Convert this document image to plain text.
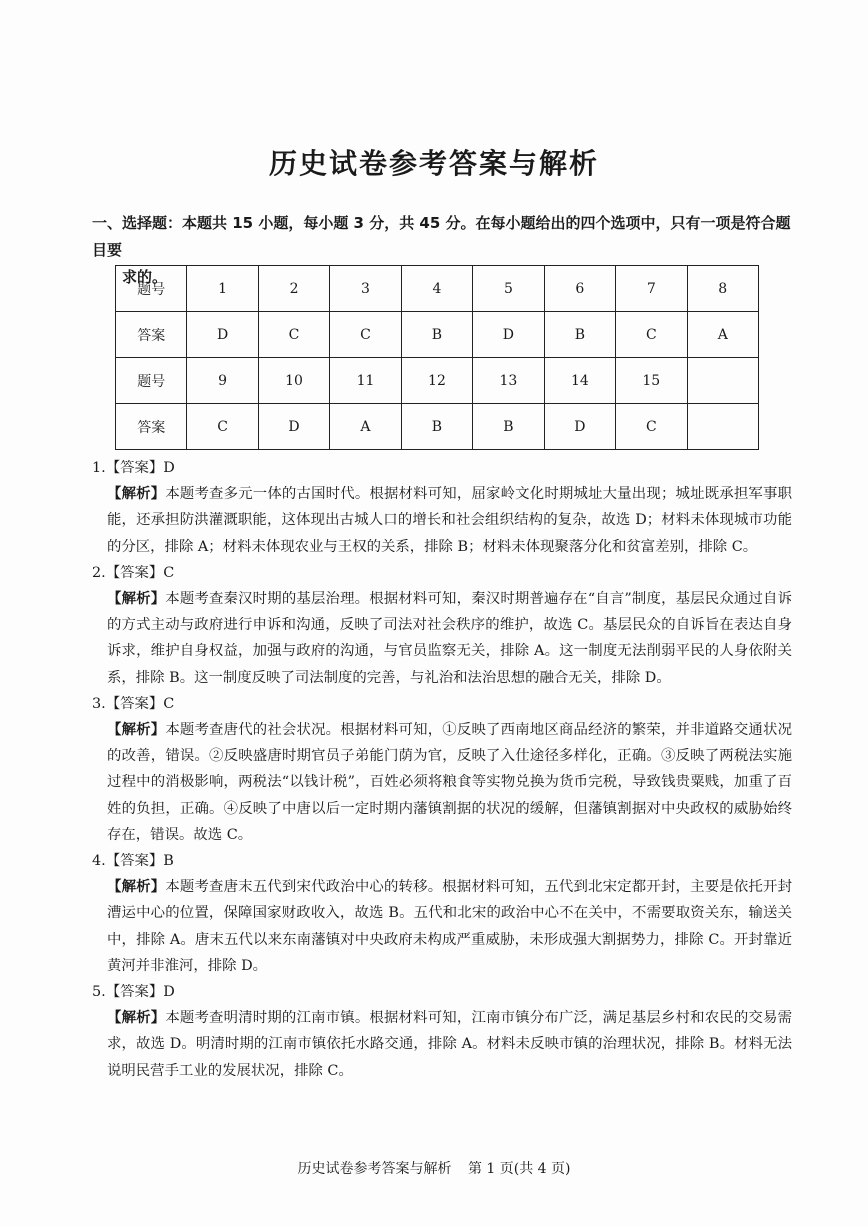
历史试卷参考答案与解析
一、选择题：本题共 15 小题，每小题 3 分，共 45 分。在每小题给出的四个选项中，只有一项是符合题目要
求的。
题号	1	2	3	4	5	6	7	8
答案	D	C	C	B	D	B	C	A
题号	9	10	11	12	13	14	15	
答案	C	D	A	B	B	D	C	

1.【答案】D

【解析】本题考查多元一体的古国时代。根据材料可知，屈家岭文化时期城址大量出现；城址既承担军事职能，还承担防洪灌溉职能，这体现出古城人口的增长和社会组织结构的复杂，故选 D；材料未体现城市功能的分区，排除 A；材料未体现农业与王权的关系，排除 B；材料未体现聚落分化和贫富差别，排除 C。

2.【答案】C

【解析】本题考查秦汉时期的基层治理。根据材料可知，秦汉时期普遍存在“自言”制度，基层民众通过自诉的方式主动与政府进行申诉和沟通，反映了司法对社会秩序的维护，故选 C。基层民众的自诉旨在表达自身诉求，维护自身权益，加强与政府的沟通，与官员监察无关，排除 A。这一制度无法削弱平民的人身依附关系，排除 B。这一制度反映了司法制度的完善，与礼治和法治思想的融合无关，排除 D。

3.【答案】C

【解析】本题考查唐代的社会状况。根据材料可知，①反映了西南地区商品经济的繁荣，并非道路交通状况的改善，错误。②反映盛唐时期官员子弟能门荫为官，反映了入仕途径多样化，正确。③反映了两税法实施过程中的消极影响，两税法“以钱计税”，百姓必须将粮食等实物兑换为货币完税，导致钱贵粟贱，加重了百姓的负担，正确。④反映了中唐以后一定时期内藩镇割据的状况的缓解，但藩镇割据对中央政权的威胁始终存在，错误。故选 C。

4.【答案】B

【解析】本题考查唐末五代到宋代政治中心的转移。根据材料可知，五代到北宋定都开封，主要是依托开封漕运中心的位置，保障国家财政收入，故选 B。五代和北宋的政治中心不在关中，不需要取资关东，输送关中，排除 A。唐末五代以来东南藩镇对中央政府未构成严重威胁，未形成强大割据势力，排除 C。开封靠近黄河并非淮河，排除 D。

5.【答案】D

【解析】本题考查明清时期的江南市镇。根据材料可知，江南市镇分布广泛，满足基层乡村和农民的交易需求，故选 D。明清时期的江南市镇依托水路交通，排除 A。材料未反映市镇的治理状况，排除 B。材料无法说明民营手工业的发展状况，排除 C。

历史试卷参考答案与解析 第 1 页(共 4 页)
